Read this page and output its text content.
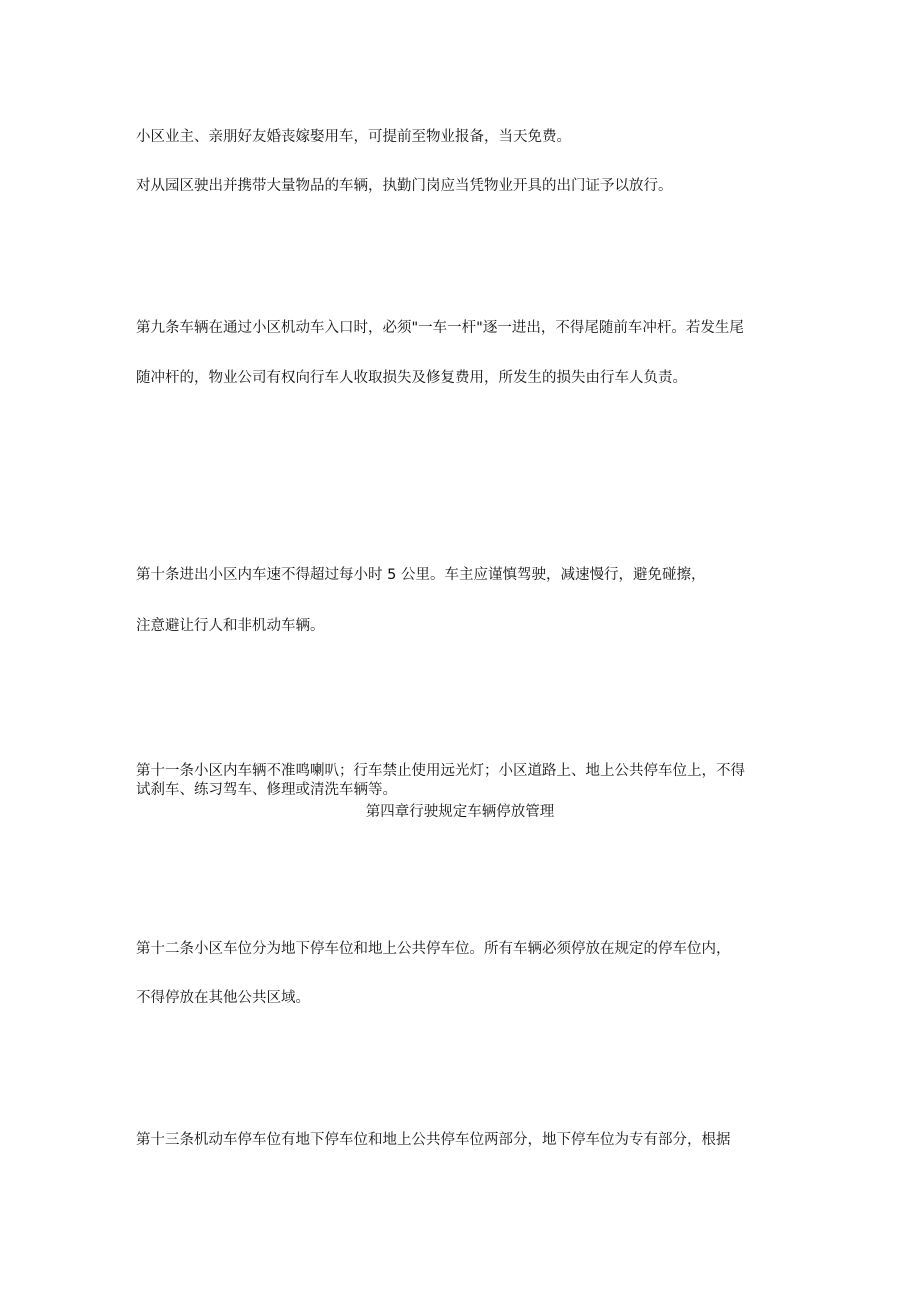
小区业主、亲朋好友婚丧嫁娶用车，可提前至物业报备，当天免费。
对从园区驶出并携带大量物品的车辆，执勤门岗应当凭物业开具的出门证予以放行。
第九条车辆在通过小区机动车入口时，必须"一车一杆"逐一进出，不得尾随前车冲杆。若发生尾
随冲杆的，物业公司有权向行车人收取损失及修复费用，所发生的损失由行车人负责。
第十条进出小区内车速不得超过每小时 5 公里。车主应谨慎驾驶，减速慢行，避免碰擦，
注意避让行人和非机动车辆。
第十一条小区内车辆不准鸣喇叭；行车禁止使用远光灯；小区道路上、地上公共停车位上，不得
试刹车、练习驾车、修理或清洗车辆等。
第四章行驶规定车辆停放管理
第十二条小区车位分为地下停车位和地上公共停车位。所有车辆必须停放在规定的停车位内，
不得停放在其他公共区域。
第十三条机动车停车位有地下停车位和地上公共停车位两部分，地下停车位为专有部分，根据
